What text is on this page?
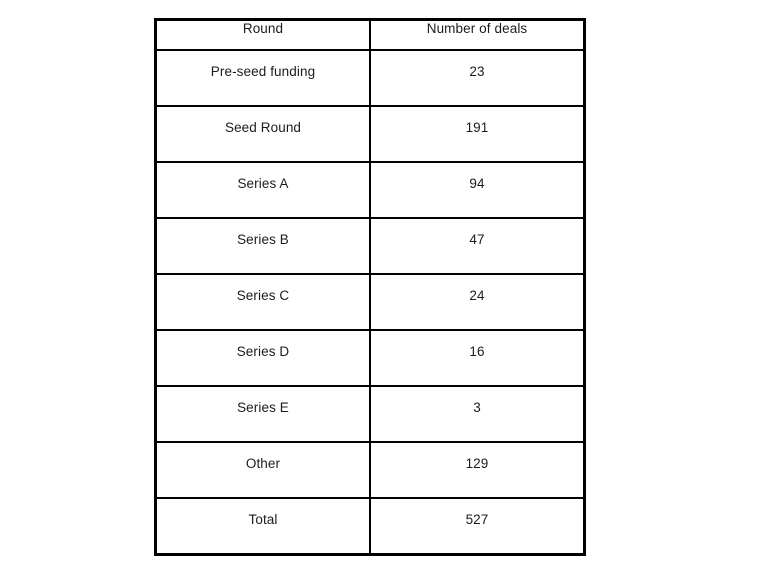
Round	Number of deals
Pre-seed funding	23
Seed Round	191
Series A	94
Series B	47
Series C	24
Series D	16
Series E	3
Other	129
Total	527
